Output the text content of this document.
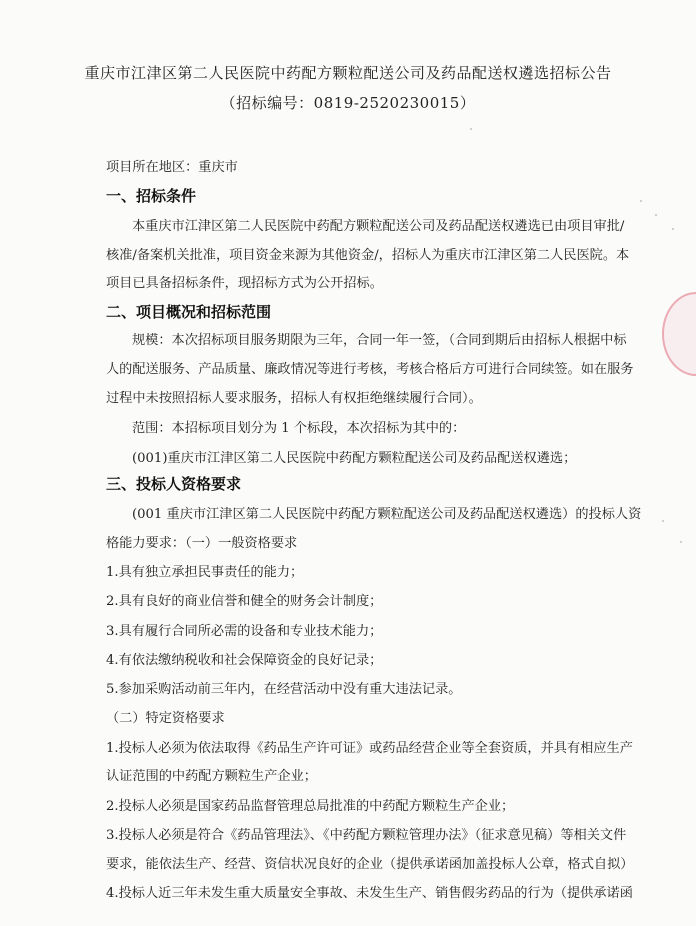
重庆市江津区第二人民医院中药配方颗粒配送公司及药品配送权遴选招标公告
（招标编号：0819-2520230015）
项目所在地区：重庆市
一、招标条件
本重庆市江津区第二人民医院中药配方颗粒配送公司及药品配送权遴选已由项目审批/
核准/备案机关批准，项目资金来源为其他资金/，招标人为重庆市江津区第二人民医院。本
项目已具备招标条件，现招标方式为公开招标。
二、项目概况和招标范围
规模：本次招标项目服务期限为三年，合同一年一签，（合同到期后由招标人根据中标
人的配送服务、产品质量、廉政情况等进行考核，考核合格后方可进行合同续签。如在服务
过程中未按照招标人要求服务，招标人有权拒绝继续履行合同）。
范围：本招标项目划分为 1 个标段，本次招标为其中的：
(001)重庆市江津区第二人民医院中药配方颗粒配送公司及药品配送权遴选；
三、投标人资格要求
(001 重庆市江津区第二人民医院中药配方颗粒配送公司及药品配送权遴选）的投标人资
格能力要求：（一）一般资格要求
1.具有独立承担民事责任的能力；
2.具有良好的商业信誉和健全的财务会计制度；
3.具有履行合同所必需的设备和专业技术能力；
4.有依法缴纳税收和社会保障资金的良好记录；
5.参加采购活动前三年内，在经营活动中没有重大违法记录。
（二）特定资格要求
1.投标人必须为依法取得《药品生产许可证》或药品经营企业等全套资质，并具有相应生产
认证范围的中药配方颗粒生产企业；
2.投标人必须是国家药品监督管理总局批准的中药配方颗粒生产企业；
3.投标人必须是符合《药品管理法》、《中药配方颗粒管理办法》（征求意见稿）等相关文件
要求，能依法生产、经营、资信状况良好的企业（提供承诺函加盖投标人公章，格式自拟）
4.投标人近三年未发生重大质量安全事故、未发生生产、销售假劣药品的行为（提供承诺函
